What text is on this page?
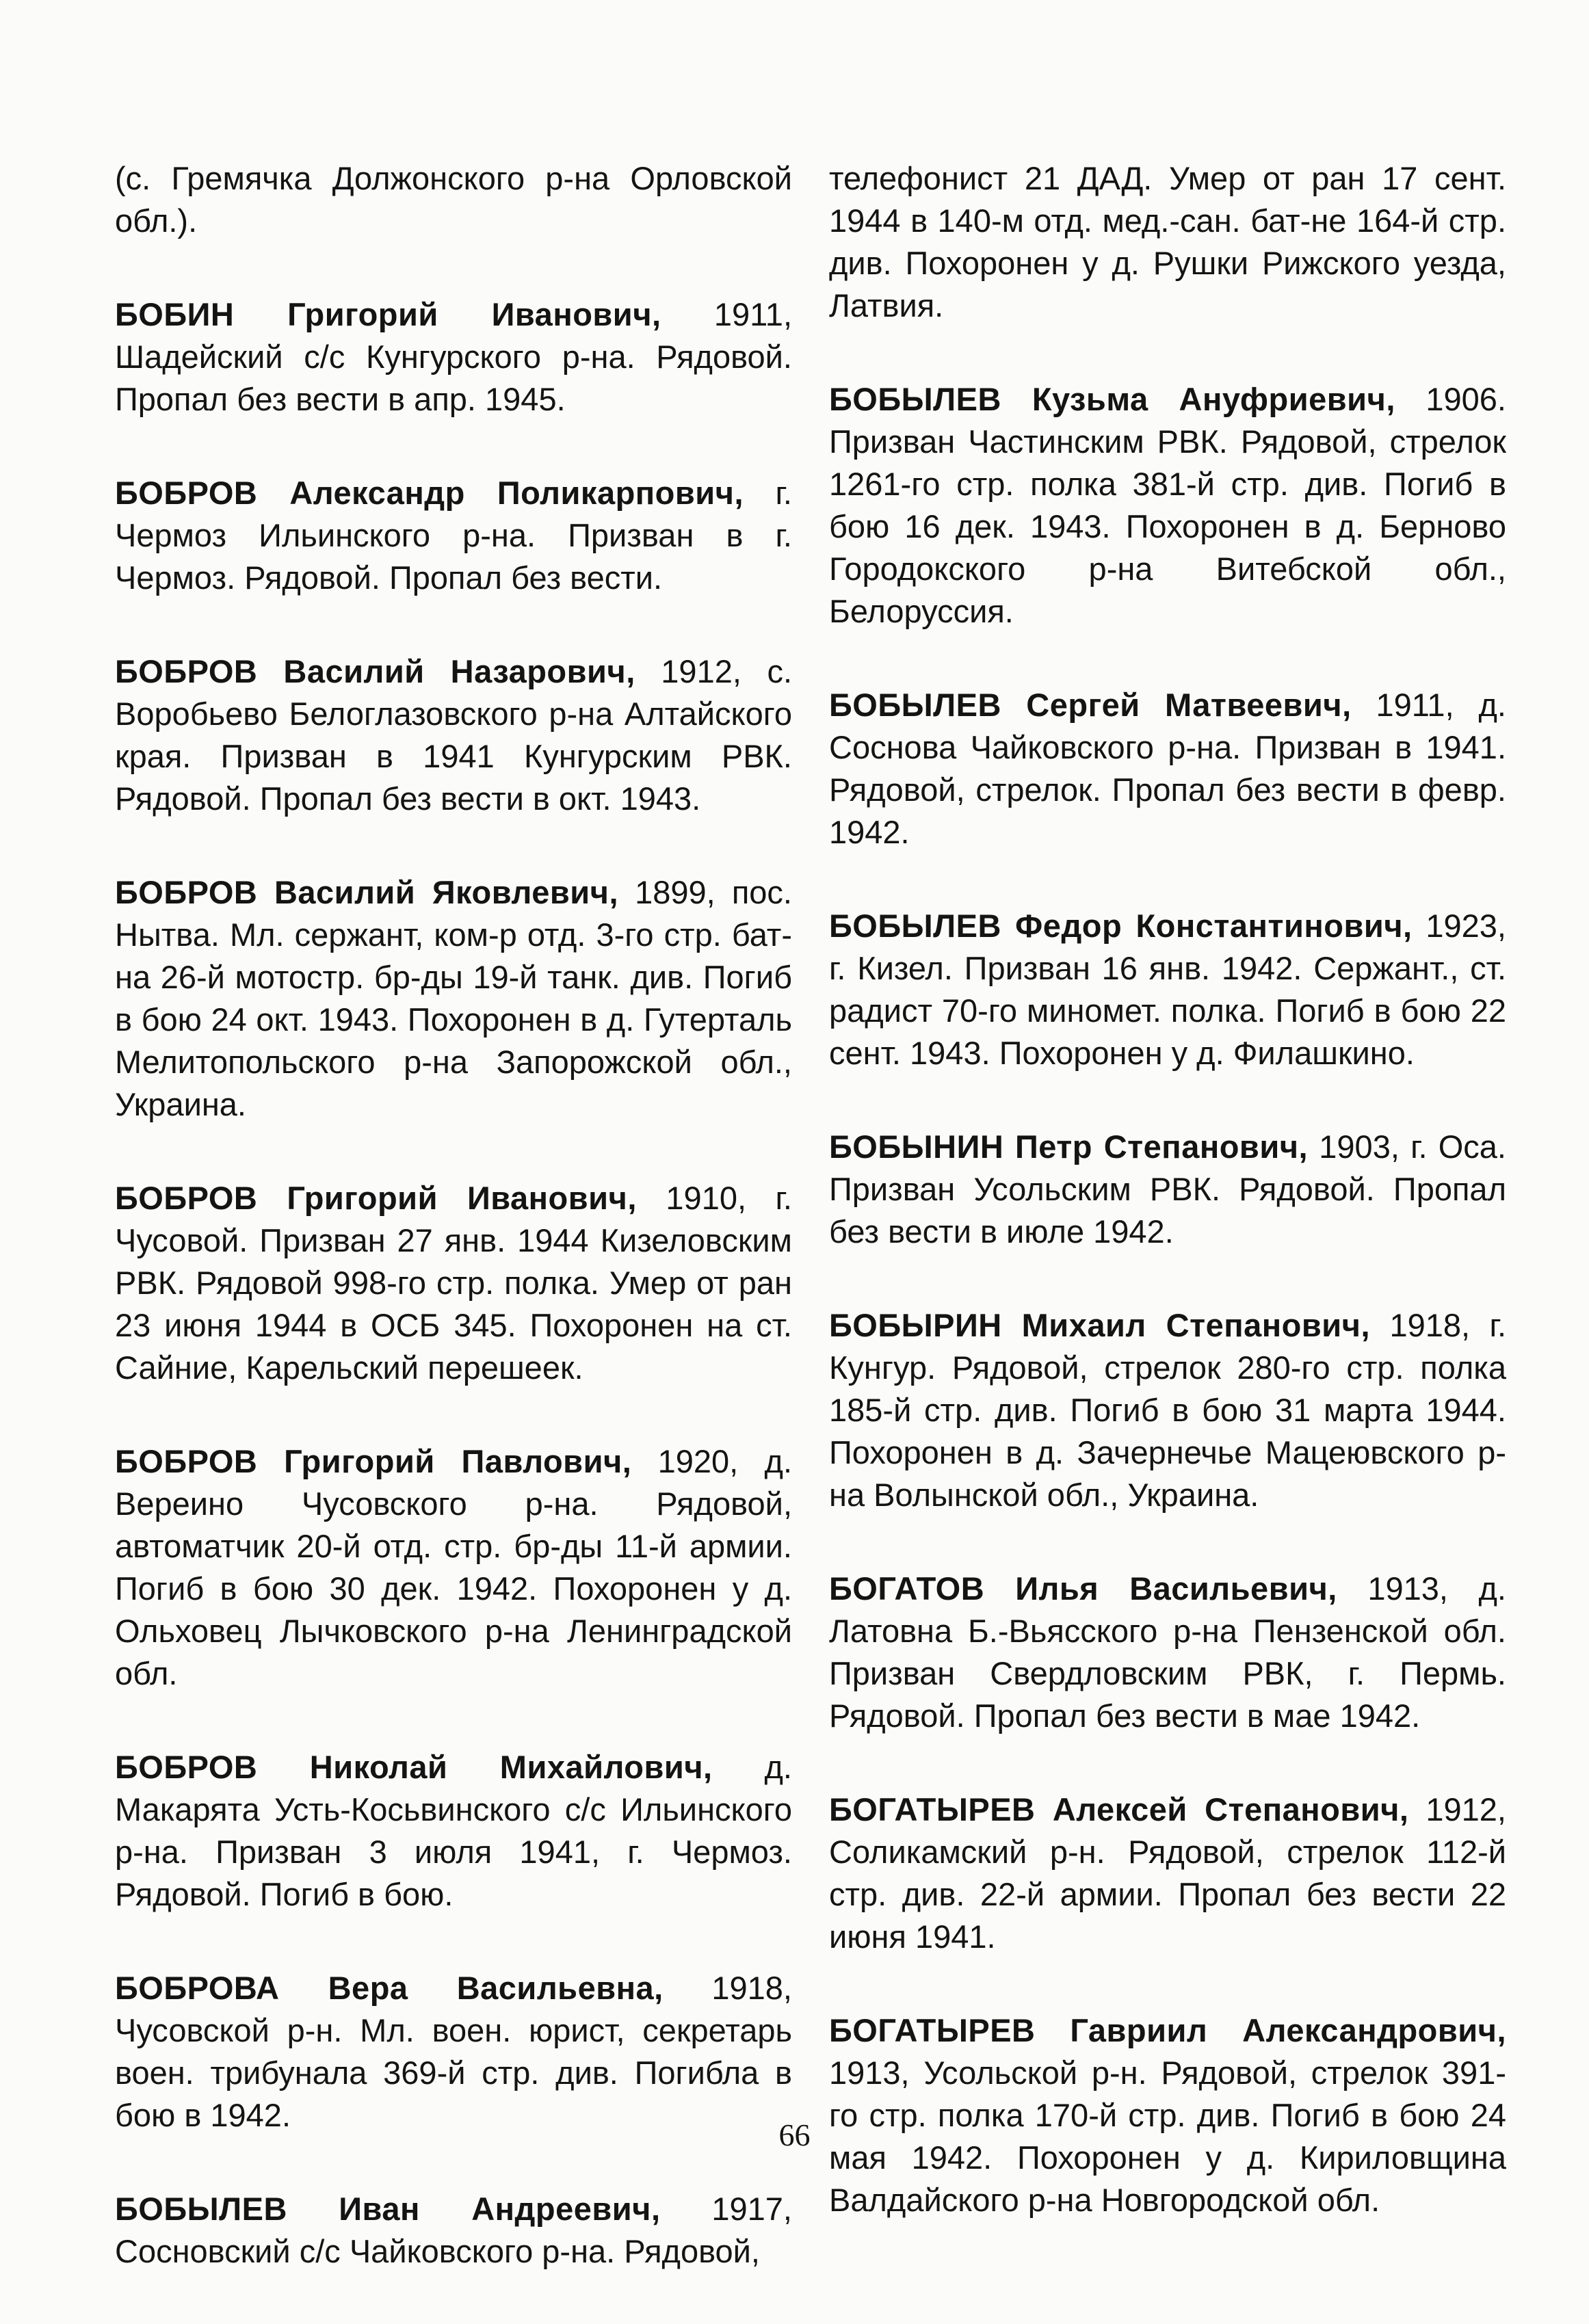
(с. Гремячка Должонского р-на Орловской обл.).

БОБИН Григорий Иванович, 1911, Шадейский с/с Кунгурского р-на. Рядовой. Пропал без вести в апр. 1945.

БОБРОВ Александр Поликарпович, г. Чермоз Ильинского р-на. Призван в г. Чермоз. Рядовой. Пропал без вести.

БОБРОВ Василий Назарович, 1912, с. Воробьево Белоглазовского р-на Алтайского края. Призван в 1941 Кунгурским РВК. Рядовой. Пропал без вести в окт. 1943.

БОБРОВ Василий Яковлевич, 1899, пос. Нытва. Мл. сержант, ком-р отд. 3-го стр. бат-на 26-й мотостр. бр-ды 19-й танк. див. Погиб в бою 24 окт. 1943. Похоронен в д. Гутерталь Мелитопольского р-на Запорожской обл., Украина.

БОБРОВ Григорий Иванович, 1910, г. Чусовой. Призван 27 янв. 1944 Кизеловским РВК. Рядовой 998-го стр. полка. Умер от ран 23 июня 1944 в ОСБ 345. Похоронен на ст. Сайние, Карельский перешеек.

БОБРОВ Григорий Павлович, 1920, д. Вереино Чусовского р-на. Рядовой, автоматчик 20-й отд. стр. бр-ды 11-й армии. Погиб в бою 30 дек. 1942. Похоронен у д. Ольховец Лычковского р-на Ленинградской обл.

БОБРОВ Николай Михайлович, д. Макарята Усть-Косьвинского с/с Ильинского р-на. Призван 3 июля 1941, г. Чермоз. Рядовой. Погиб в бою.

БОБРОВА Вера Васильевна, 1918, Чусовской р-н. Мл. воен. юрист, секретарь воен. трибунала 369-й стр. див. Погибла в бою в 1942.

БОБЫЛЕВ Иван Андреевич, 1917, Сосновский с/с Чайковского р-на. Рядовой,

телефонист 21 ДАД. Умер от ран 17 сент. 1944 в 140-м отд. мед.-сан. бат-не 164-й стр. див. Похоронен у д. Рушки Рижского уезда, Латвия.

БОБЫЛЕВ Кузьма Ануфриевич, 1906. Призван Частинским РВК. Рядовой, стрелок 1261-го стр. полка 381-й стр. див. Погиб в бою 16 дек. 1943. Похоронен в д. Берново Городокского р-на Витебской обл., Белоруссия.

БОБЫЛЕВ Сергей Матвеевич, 1911, д. Соснова Чайковского р-на. Призван в 1941. Рядовой, стрелок. Пропал без вести в февр. 1942.

БОБЫЛЕВ Федор Константинович, 1923, г. Кизел. Призван 16 янв. 1942. Сержант., ст. радист 70-го миномет. полка. Погиб в бою 22 сент. 1943. Похоронен у д. Филашкино.

БОБЫНИН Петр Степанович, 1903, г. Оса. Призван Усольским РВК. Рядовой. Пропал без вести в июле 1942.

БОБЫРИН Михаил Степанович, 1918, г. Кунгур. Рядовой, стрелок 280-го стр. полка 185-й стр. див. Погиб в бою 31 марта 1944. Похоронен в д. Зачернечье Мацеювского р-на Волынской обл., Украина.

БОГАТОВ Илья Васильевич, 1913, д. Латовна Б.-Вьясского р-на Пензенской обл. Призван Свердловским РВК, г. Пермь. Рядовой. Пропал без вести в мае 1942.

БОГАТЫРЕВ Алексей Степанович, 1912, Соликамский р-н. Рядовой, стрелок 112-й стр. див. 22-й армии. Пропал без вести 22 июня 1941.

БОГАТЫРЕВ Гавриил Александрович, 1913, Усольской р-н. Рядовой, стрелок 391-го стр. полка 170-й стр. див. Погиб в бою 24 мая 1942. Похоронен у д. Кириловщина Валдайского р-на Новгородской обл.

66
